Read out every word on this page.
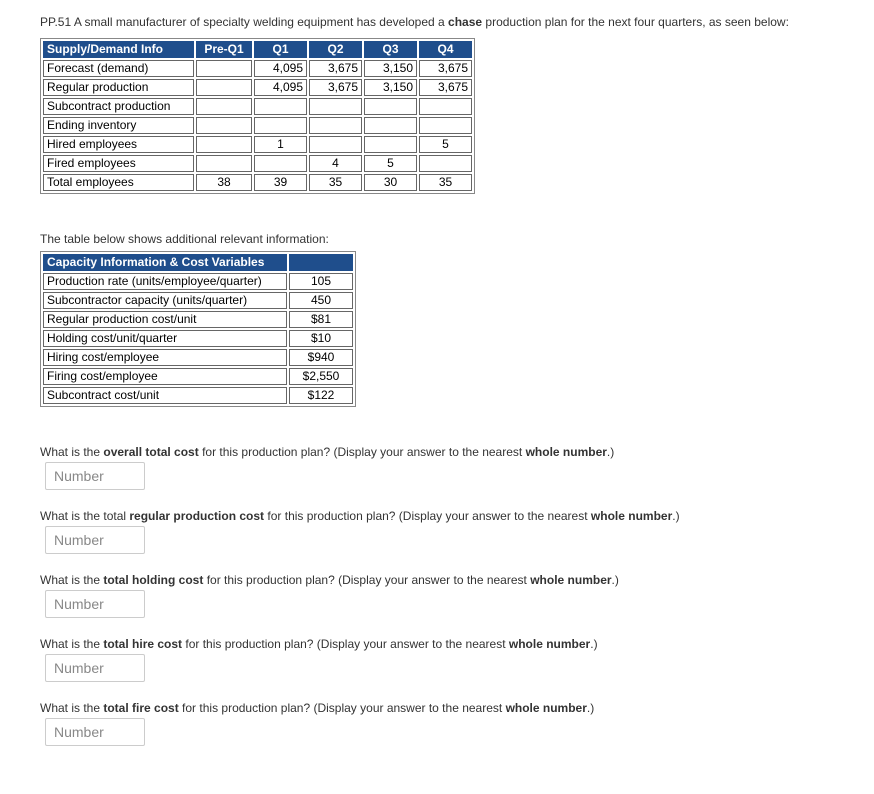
PP.51 A small manufacturer of specialty welding equipment has developed a chase production plan for the next four quarters, as seen below:
Supply/Demand Info	Pre-Q1	Q1	Q2	Q3	Q4
Forecast (demand)		4,095	3,675	3,150	3,675
Regular production		4,095	3,675	3,150	3,675
Subcontract production					
Ending inventory					
Hired employees		1			5
Fired employees			4	5	
Total employees	38	39	35	30	35
The table below shows additional relevant information:
Capacity Information & Cost Variables	
Production rate (units/employee/quarter)	105
Subcontractor capacity (units/quarter)	450
Regular production cost/unit	$81
Holding cost/unit/quarter	$10
Hiring cost/employee	$940
Firing cost/employee	$2,550
Subcontract cost/unit	$122
What is the overall total cost for this production plan? (Display your answer to the nearest whole number.)
Number
What is the total regular production cost for this production plan? (Display your answer to the nearest whole number.)
Number
What is the total holding cost for this production plan? (Display your answer to the nearest whole number.)
Number
What is the total hire cost for this production plan? (Display your answer to the nearest whole number.)
Number
What is the total fire cost for this production plan? (Display your answer to the nearest whole number.)
Number
